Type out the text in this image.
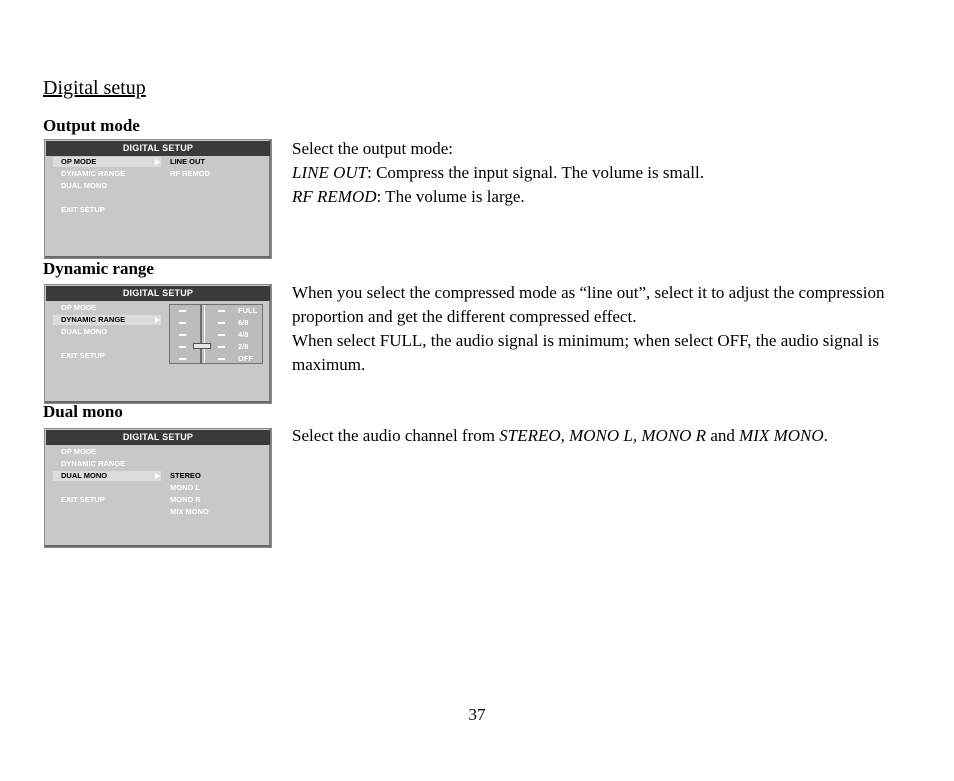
Digital setup
Output mode
DIGITAL SETUP
OP MODE
DYNAMIC RANGE
DUAL MONO
EXIT SETUP
LINE OUT
RF REMOD

Select the output mode:

LINE OUT: Compress the input signal. The volume is small.

RF REMOD: The volume is large.

Dynamic range
DIGITAL SETUP
OP MODE
DYNAMIC RANGE
DUAL MONO
EXIT SETUP
FULL
6/8
4/8
2/8
OFF

When you select the compressed mode as “line out”, select it to adjust the compression proportion and get the different compressed effect.

When select FULL, the audio signal is minimum; when select OFF, the audio signal is maximum.

Dual mono
DIGITAL SETUP
OP MODE
DYNAMIC RANGE
DUAL MONO
EXIT SETUP
STEREO
MONO L
MONO R
MIX MONO

Select the audio channel from STEREO, MONO L, MONO R and MIX MONO.

37
